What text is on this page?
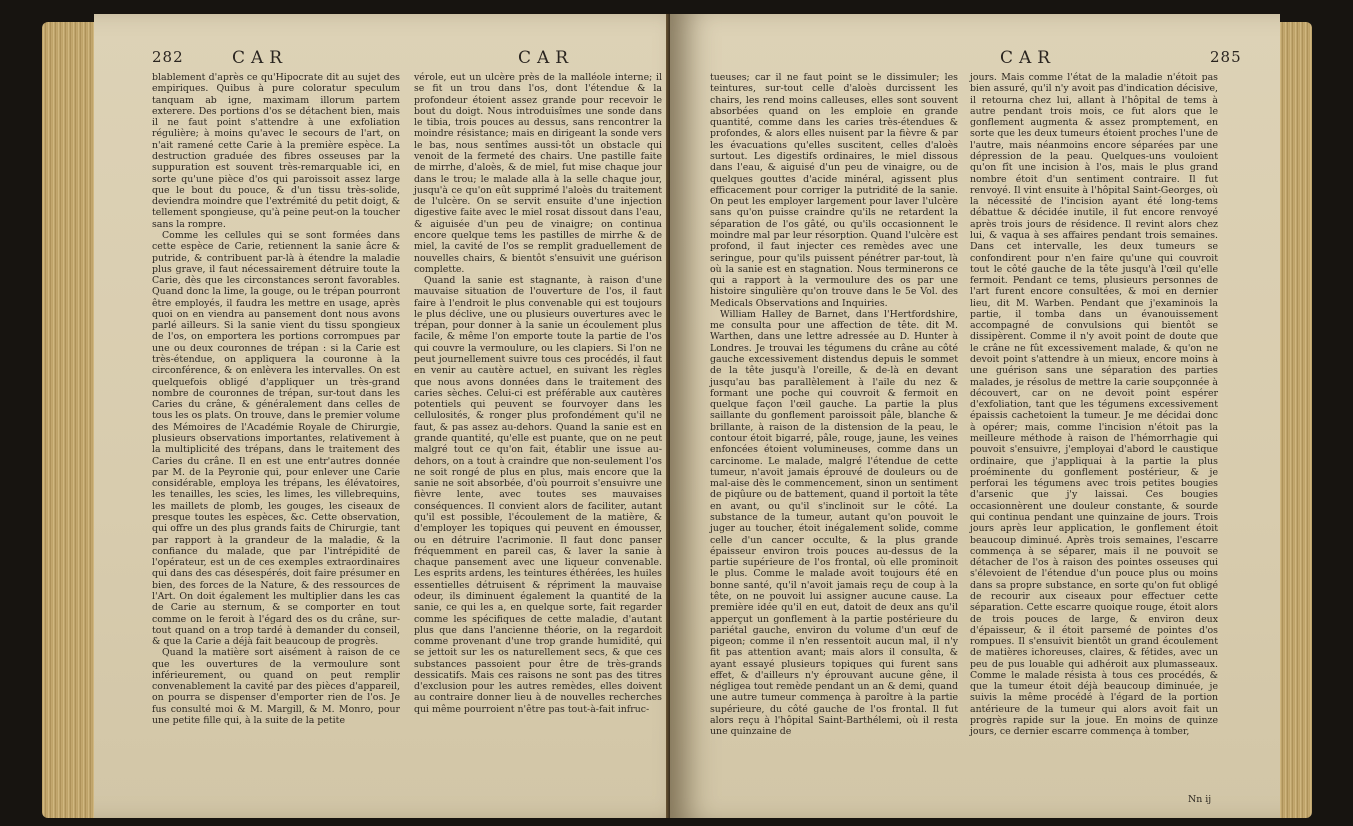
282	CAR	CAR

blablement d'après ce qu'Hipocrate dit au sujet des empiriques. Quibus à pure coloratur speculum tanquam ab igne, maximam illorum partem exterere. Des portions d'os se détachent bien, mais il ne faut point s'attendre à une exfoliation régulière; à moins qu'avec le secours de l'art, on n'ait ramené cette Carie à la première espèce. La destruction graduée des fibres osseuses par la suppuration est souvent très-remarquable ici, en sorte qu'une pièce d'os qui paroissoit assez large que le bout du pouce, & d'un tissu très-solide, deviendra moindre que l'extrémité du petit doigt, & tellement spongieuse, qu'à peine peut-on la toucher sans la rompre.

Comme les cellules qui se sont formées dans cette espèce de Carie, retiennent la sanie âcre & putride, & contribuent par-là à étendre la maladie plus grave, il faut nécessairement détruire toute la Carie, dès que les circonstances seront favorables. Quand donc la lime, la gouge, ou le trépan pourront être employés, il faudra les mettre en usage, après quoi on en viendra au pansement dont nous avons parlé ailleurs. Si la sanie vient du tissu spongieux de l'os, on emportera les portions corrompues par une ou deux couronnes de trépan : si la Carie est très-étendue, on appliquera la couronne à la circonférence, & on enlèvera les intervalles. On est quelquefois obligé d'appliquer un très-grand nombre de couronnes de trépan, sur-tout dans les Caries du crâne, & généralement dans celles de tous les os plats. On trouve, dans le premier volume des Mémoires de l'Académie Royale de Chirurgie, plusieurs observations importantes, relativement à la multiplicité des trépans, dans le traitement des Caries du crâne. Il en est une entr'autres donnée par M. de la Peyronie qui, pour enlever une Carie considérable, employa les trépans, les élévatoires, les tenailles, les scies, les limes, les villebrequins, les maillets de plomb, les gouges, les ciseaux de presque toutes les espèces, &c. Cette observation, qui offre un des plus grands faits de Chirurgie, tant par rapport à la grandeur de la maladie, & la confiance du malade, que par l'intrépidité de l'opérateur, est un de ces exemples extraordinaires qui dans des cas désespérés, doit faire présumer en bien, des forces de la Nature, & des ressources de l'Art. On doit également les multiplier dans les cas de Carie au sternum, & se comporter en tout comme on le feroit à l'égard des os du crâne, sur-tout quand on a trop tardé à demander du conseil, & que la Carie a déjà fait beaucoup de progrès.

Quand la matière sort aisément à raison de ce que les ouvertures de la vermoulure sont inférieurement, ou quand on peut remplir convenablement la cavité par des pièces d'appareil, on pourra se dispenser d'emporter rien de l'os. Je fus consulté moi & M. Margill, & M. Monro, pour une petite fille qui, à la suite de la petite

vérole, eut un ulcère près de la malléole interne; il se fit un trou dans l'os, dont l'étendue & la profondeur étoient assez grande pour recevoir le bout du doigt. Nous introduisîmes une sonde dans le tibia, trois pouces au dessus, sans rencontrer la moindre résistance; mais en dirigeant la sonde vers le bas, nous sentîmes aussi-tôt un obstacle qui venoit de la fermeté des chairs. Une pastille faite de mirrhe, d'aloès, & de miel, fut mise chaque jour dans le trou; le malade alla à la selle chaque jour, jusqu'à ce qu'on eût supprimé l'aloès du traitement de l'ulcère. On se servit ensuite d'une injection digestive faite avec le miel rosat dissout dans l'eau, & aiguisée d'un peu de vinaigre; on continua encore quelque tems les pastilles de mirrhe & de miel, la cavité de l'os se remplit graduellement de nouvelles chairs, & bientôt s'ensuivit une guérison complette.

Quand la sanie est stagnante, à raison d'une mauvaise situation de l'ouverture de l'os, il faut faire à l'endroit le plus convenable qui est toujours le plus déclive, une ou plusieurs ouvertures avec le trépan, pour donner à la sanie un écoulement plus facile, & même l'on emporte toute la partie de l'os qui couvre la vermoulure, ou les clapiers. Si l'on ne peut journellement suivre tous ces procédés, il faut en venir au cautère actuel, en suivant les règles que nous avons données dans le traitement des caries sèches. Celui-ci est préférable aux cautères potentiels qui peuvent se fourvoyer dans les cellulosités, & ronger plus profondément qu'il ne faut, & pas assez au-dehors. Quand la sanie est en grande quantité, qu'elle est puante, que on ne peut malgré tout ce qu'on fait, établir une issue au-dehors, on a tout à craindre que non-seulement l'os ne soit rongé de plus en plus, mais encore que la sanie ne soit absorbée, d'où pourroit s'ensuivre une fièvre lente, avec toutes ses mauvaises conséquences. Il convient alors de faciliter, autant qu'il est possible, l'écoulement de la matière, & d'employer les topiques qui peuvent en émousser, ou en détruire l'acrimonie. Il faut donc panser fréquemment en pareil cas, & laver la sanie à chaque pansement avec une liqueur convenable. Les esprits ardens, les teintures éthérées, les huiles essentielles détruisent & répriment la mauvaise odeur, ils diminuent également la quantité de la sanie, ce qui les a, en quelque sorte, fait regarder comme les spécifiques de cette maladie, d'autant plus que dans l'ancienne théorie, on la regardoit comme provenant d'une trop grande humidité, qui se jettoit sur les os naturellement secs, & que ces substances passoient pour être de très-grands dessicatifs. Mais ces raisons ne sont pas des titres d'exclusion pour les autres remèdes, elles doivent au contraire donner lieu à de nouvelles recherches qui même pourroient n'être pas tout-à-fait infruc-

CAR	285

tueuses; car il ne faut point se le dissimuler; les teintures, sur-tout celle d'aloès durcissent les chairs, les rend moins calleuses, elles sont souvent absorbées quand on les emploie en grande quantité, comme dans les caries très-étendues & profondes, & alors elles nuisent par la fièvre & par les évacuations qu'elles suscitent, celles d'aloès surtout. Les digestifs ordinaires, le miel dissous dans l'eau, & aiguisé d'un peu de vinaigre, ou de quelques gouttes d'acide minéral, agissent plus efficacement pour corriger la putridité de la sanie. On peut les employer largement pour laver l'ulcère sans qu'on puisse craindre qu'ils ne retardent la séparation de l'os gâté, ou qu'ils occasionnent le moindre mal par leur résorption. Quand l'ulcère est profond, il faut injecter ces remèdes avec une seringue, pour qu'ils puissent pénétrer par-tout, là où la sanie est en stagnation. Nous terminerons ce qui a rapport à la vermoulure des os par une histoire singulière qu'on trouve dans le 5e Vol. des Medicals Observations and Inquiries.

William Halley de Barnet, dans l'Hertfordshire, me consulta pour une affection de tête. dit M. Warthen, dans une lettre adressée au D. Hunter à Londres. Je trouvai les tégumens du crâne au côté gauche excessivement distendus depuis le sommet de la tête jusqu'à l'oreille, & de-là en devant jusqu'au bas parallèlement à l'aile du nez & formant une poche qui couvroit & fermoit en quelque façon l'œil gauche. La partie la plus saillante du gonflement paroissoit pâle, blanche & brillante, à raison de la distension de la peau, le contour étoit bigarré, pâle, rouge, jaune, les veines enfoncées étoient volumineuses, comme dans un carcinome. Le malade, malgré l'étendue de cette tumeur, n'avoit jamais éprouvé de douleurs ou de mal-aise dès le commencement, sinon un sentiment de piqûure ou de battement, quand il portoit la tête en avant, ou qu'il s'inclinoit sur le côté. La substance de la tumeur, autant qu'on pouvoit le juger au toucher, étoit inégalement solide, comme celle d'un cancer occulte, & la plus grande épaisseur environ trois pouces au-dessus de la partie supérieure de l'os frontal, où elle prominoit le plus. Comme le malade avoit toujours été en bonne santé, qu'il n'avoit jamais reçu de coup à la tête, on ne pouvoit lui assigner aucune cause. La première idée qu'il en eut, datoit de deux ans qu'il apperçut un gonflement à la partie postérieure du pariétal gauche, environ du volume d'un œuf de pigeon; comme il n'en ressentoit aucun mal, il n'y fit pas attention avant; mais alors il consulta, & ayant essayé plusieurs topiques qui furent sans effet, & d'ailleurs n'y éprouvant aucune gêne, il négligea tout remède pendant un an & demi, quand une autre tumeur commença à paroître à la partie supérieure, du côté gauche de l'os frontal. Il fut alors reçu à l'hôpital Saint-Barthélemi, où il resta une quinzaine de

jours. Mais comme l'état de la maladie n'étoit pas bien assuré, qu'il n'y avoit pas d'indication décisive, il retourna chez lui, allant à l'hôpital de tems à autre pendant trois mois, ce fut alors que le gonflement augmenta & assez promptement, en sorte que les deux tumeurs étoient proches l'une de l'autre, mais néanmoins encore séparées par une dépression de la peau. Quelques-uns vouloient qu'on fît une incision à l'os, mais le plus grand nombre étoit d'un sentiment contraire. Il fut renvoyé. Il vint ensuite à l'hôpital Saint-Georges, où la nécessité de l'incision ayant été long-tems débattue & décidée inutile, il fut encore renvoyé après trois jours de résidence. Il revint alors chez lui, & vaqua à ses affaires pendant trois semaines. Dans cet intervalle, les deux tumeurs se confondirent pour n'en faire qu'une qui couvroit tout le côté gauche de la tête jusqu'à l'œil qu'elle fermoit. Pendant ce tems, plusieurs personnes de l'art furent encore consultées, & moi en dernier lieu, dit M. Warben. Pendant que j'examinois la partie, il tomba dans un évanouissement accompagné de convulsions qui bientôt se dissipèrent. Comme il n'y avoit point de doute que le crâne ne fût excessivement malade, & qu'on ne devoit point s'attendre à un mieux, encore moins à une guérison sans une séparation des parties malades, je résolus de mettre la carie soupçonnée à découvert, car on ne devoit point espérer d'exfoliation, tant que les tégumens excessivement épaissis cachetoient la tumeur. Je me décidai donc à opérer; mais, comme l'incision n'étoit pas la meilleure méthode à raison de l'hémorrhagie qui pouvoit s'ensuivre, j'employai d'abord le caustique ordinaire, que j'appliquai à la partie la plus proéminente du gonflement postérieur, & je perforai les tégumens avec trois petites bougies d'arsenic que j'y laissai. Ces bougies occasionnèrent une douleur constante, & sourde qui continua pendant une quinzaine de jours. Trois jours après leur application, le gonflement étoit beaucoup diminué. Après trois semaines, l'escarre commença à se séparer, mais il ne pouvoit se détacher de l'os à raison des pointes osseuses qui s'élevoient de l'étendue d'un pouce plus ou moins dans sa propre substance, en sorte qu'on fut obligé de recourir aux ciseaux pour effectuer cette séparation. Cette escarre quoique rouge, étoit alors de trois pouces de large, & environ deux d'épaisseur, & il étoit parsemé de pointes d'os rompues. Il s'ensuivit bientôt un grand écoulement de matières ichoreuses, claires, & fétides, avec un peu de pus louable qui adhéroit aux plumasseaux. Comme le malade résista à tous ces procédés, & que la tumeur étoit déjà beaucoup diminuée, je suivis la même procédé à l'égard de la portion antérieure de la tumeur qui alors avoit fait un progrès rapide sur la joue. En moins de quinze jours, ce dernier escarre commença à tomber,

Nn ij
